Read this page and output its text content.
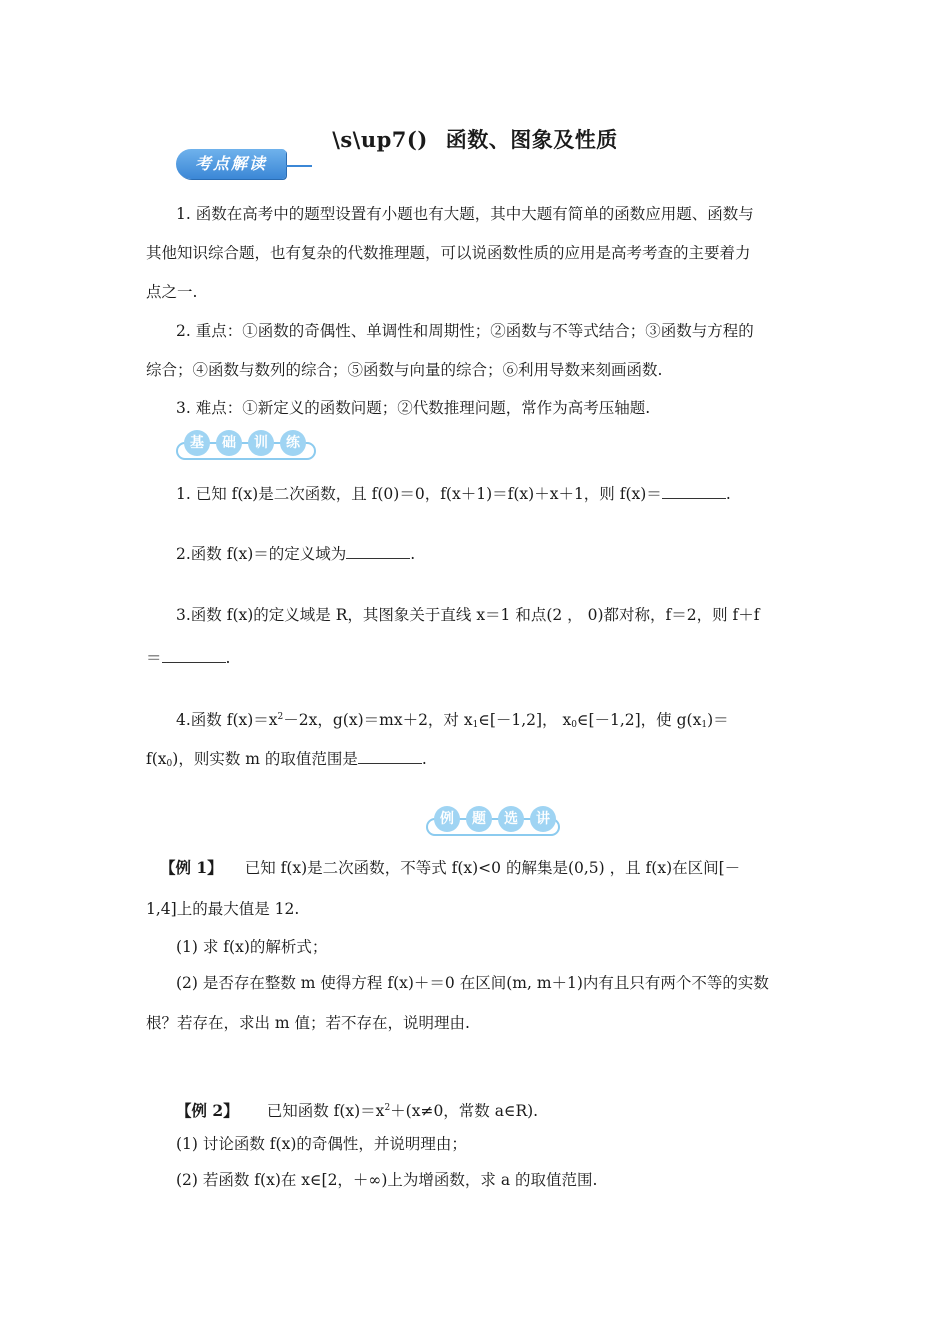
\s\up7() 函数、图象及性质
考点解读
1. 函数在高考中的题型设置有小题也有大题，其中大题有简单的函数应用题、函数与
其他知识综合题，也有复杂的代数推理题，可以说函数性质的应用是高考考查的主要着力
点之一.
2. 重点：①函数的奇偶性、单调性和周期性；②函数与不等式结合；③函数与方程的
综合；④函数与数列的综合；⑤函数与向量的综合；⑥利用导数来刻画函数.
3. 难点：①新定义的函数问题；②代数推理问题，常作为高考压轴题.
基	础	训	练
1. 已知 f(x)是二次函数，且 f(0)＝0，f(x＋1)＝f(x)＋x＋1，则 f(x)＝	.
2.函数 f(x)＝的定义域为	.
3.函数 f(x)的定义域是 R，其图象关于直线 x＝1 和点(2 ， 0)都对称，f＝2，则 f＋f
＝	.
4.函数 $f(x)=x^2-2x$，g(x)＝mx＋2，对 $x_1\in[-1,2]$， $x_0\in[-1,2]$，使 $g(x_1)=$
$f(x_0)$，则实数 m 的取值范围是	.
例	题	选	讲
【例 1】 已知 f(x)是二次函数，不等式 f(x)<0 的解集是(0,5) ，且 f(x)在区间[－
1,4]上的最大值是 12.
(1) 求 f(x)的解析式；
(2) 是否存在整数 m 使得方程 f(x)＋＝0 在区间(m, m＋1)内有且只有两个不等的实数
根？若存在，求出 m 值；若不存在，说明理由.
【例 2】 已知函数 $f(x)=x^2+(x\ne 0$，常数 a∈R).
(1) 讨论函数 f(x)的奇偶性，并说明理由；
(2) 若函数 f(x)在 x∈[2，＋∞)上为增函数，求 a 的取值范围.
